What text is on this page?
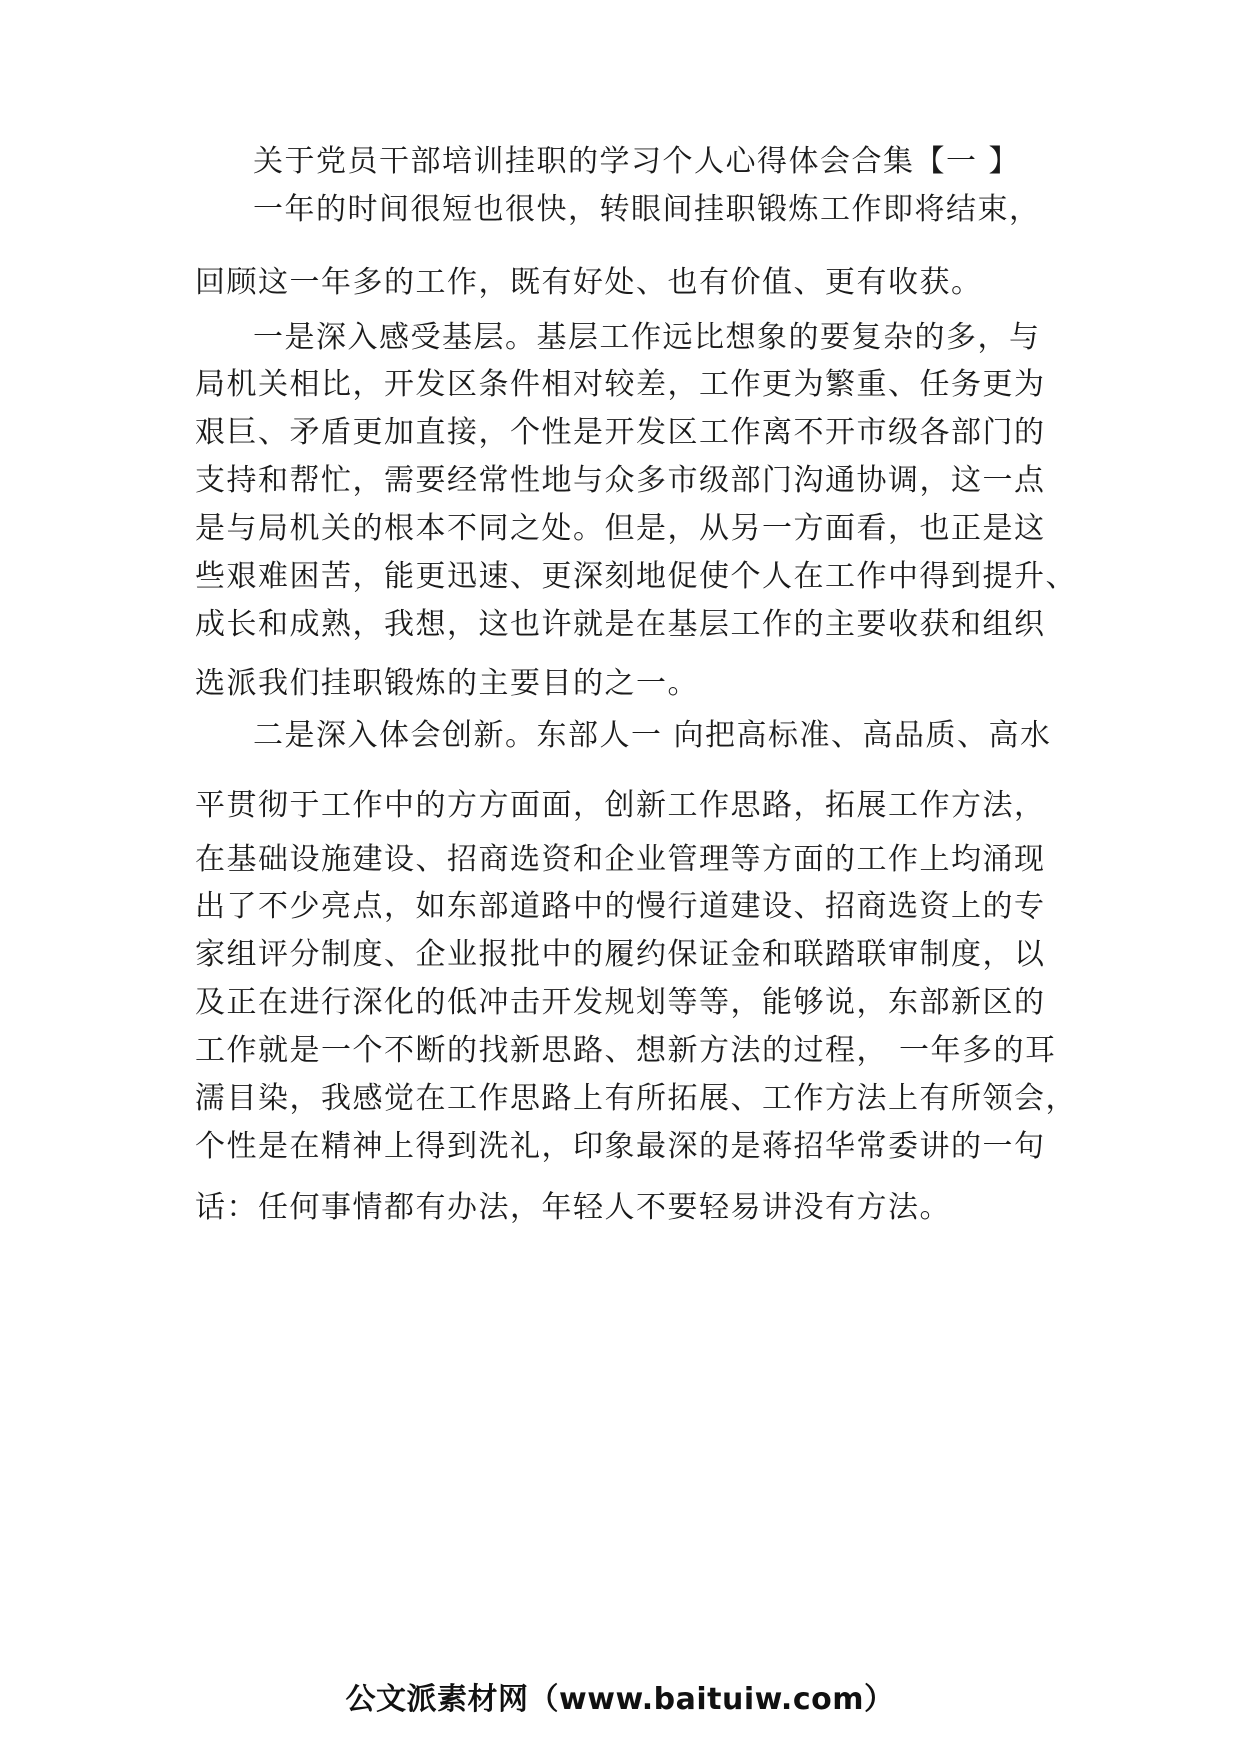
关于党员干部培训挂职的学习个人心得体会合集【一 】
一年的时间很短也很快，转眼间挂职锻炼工作即将结束，
回顾这一年多的工作，既有好处、也有价值、更有收获。
一是深入感受基层。基层工作远比想象的要复杂的多，与
局机关相比，开发区条件相对较差，工作更为繁重、任务更为
艰巨、矛盾更加直接，个性是开发区工作离不开市级各部门的
支持和帮忙，需要经常性地与众多市级部门沟通协调，这一点
是与局机关的根本不同之处。但是，从另一方面看，也正是这
些艰难困苦，能更迅速、更深刻地促使个人在工作中得到提升、
成长和成熟，我想，这也许就是在基层工作的主要收获和组织
选派我们挂职锻炼的主要目的之一。
二是深入体会创新。东部人一 向把高标准、高品质、高水
平贯彻于工作中的方方面面，创新工作思路，拓展工作方法，
在基础设施建设、招商选资和企业管理等方面的工作上均涌现
出了不少亮点，如东部道路中的慢行道建设、招商选资上的专
家组评分制度、企业报批中的履约保证金和联踏联审制度，以
及正在进行深化的低冲击开发规划等等，能够说，东部新区的
工作就是一个不断的找新思路、想新方法的过程， 一年多的耳
濡目染，我感觉在工作思路上有所拓展、工作方法上有所领会，
个性是在精神上得到洗礼，印象最深的是蒋招华常委讲的一句
话：任何事情都有办法，年轻人不要轻易讲没有方法。
公文派素材网（www.baituiw.com）
